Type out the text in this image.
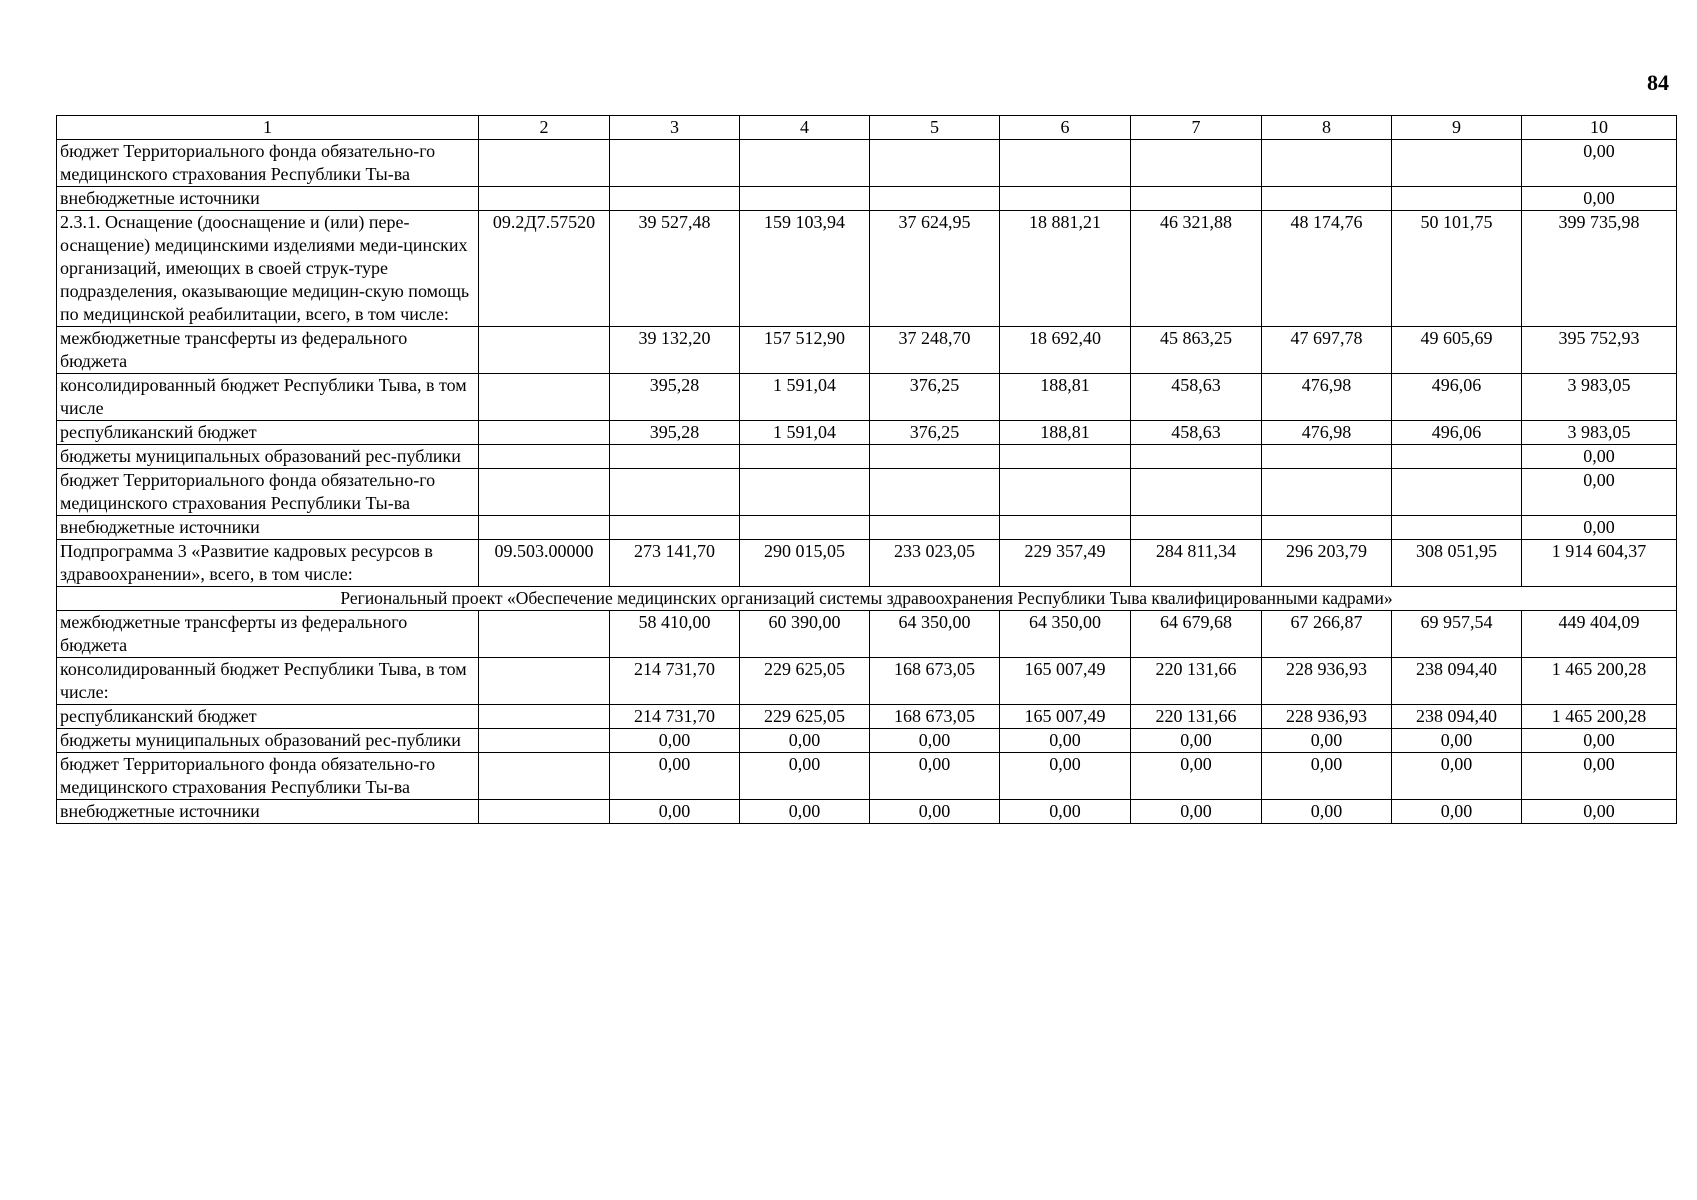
84
1	2	3	4	5	6	7	8	9	10
бюджет Территориального фонда обязательно-го медицинского страхования Республики Ты-ва									0,00
внебюджетные источники									0,00
2.3.1. Оснащение (дооснащение и (или) пере-оснащение) медицинскими изделиями меди-цинских организаций, имеющих в своей струк-туре подразделения, оказывающие медицин-скую помощь по медицинской реабилитации, всего, в том числе:	09.2Д7.57520	39 527,48	159 103,94	37 624,95	18 881,21	46 321,88	48 174,76	50 101,75	399 735,98
межбюджетные трансферты из федерального бюджета		39 132,20	157 512,90	37 248,70	18 692,40	45 863,25	47 697,78	49 605,69	395 752,93
консолидированный бюджет Республики Тыва, в том числе		395,28	1 591,04	376,25	188,81	458,63	476,98	496,06	3 983,05
республиканский бюджет		395,28	1 591,04	376,25	188,81	458,63	476,98	496,06	3 983,05
бюджеты муниципальных образований рес-публики									0,00
бюджет Территориального фонда обязательно-го медицинского страхования Республики Ты-ва									0,00
внебюджетные источники									0,00
Подпрограмма 3 «Развитие кадровых ресурсов в здравоохранении», всего, в том числе:	09.503.00000	273 141,70	290 015,05	233 023,05	229 357,49	284 811,34	296 203,79	308 051,95	1 914 604,37
Региональный проект «Обеспечение медицинских организаций системы здравоохранения Республики Тыва квалифицированными кадрами»									
межбюджетные трансферты из федерального бюджета		58 410,00	60 390,00	64 350,00	64 350,00	64 679,68	67 266,87	69 957,54	449 404,09
консолидированный бюджет Республики Тыва, в том числе:		214 731,70	229 625,05	168 673,05	165 007,49	220 131,66	228 936,93	238 094,40	1 465 200,28
республиканский бюджет		214 731,70	229 625,05	168 673,05	165 007,49	220 131,66	228 936,93	238 094,40	1 465 200,28
бюджеты муниципальных образований рес-публики		0,00	0,00	0,00	0,00	0,00	0,00	0,00	0,00
бюджет Территориального фонда обязательно-го медицинского страхования Республики Ты-ва		0,00	0,00	0,00	0,00	0,00	0,00	0,00	0,00
внебюджетные источники		0,00	0,00	0,00	0,00	0,00	0,00	0,00	0,00
